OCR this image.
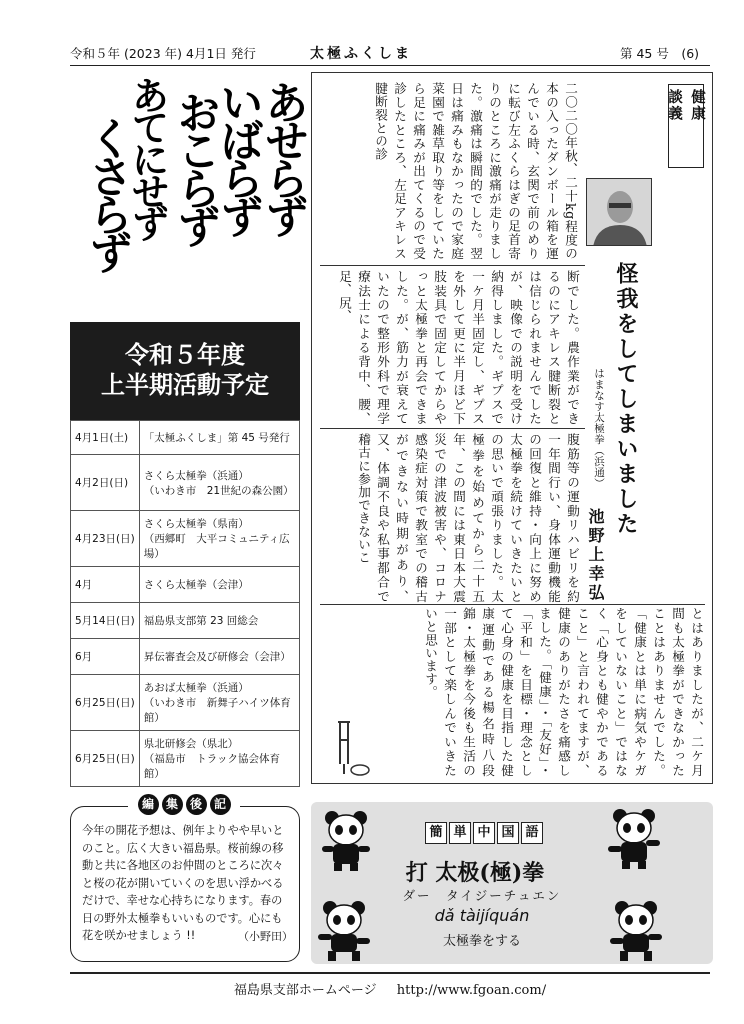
令和５年 (2023 年) 4月1日 発行	太極ふくしま	第 45 号　(6)
あせらず
いばらず
おこらず
あてにせず
くさらず
令和５年度
上半期活動予定
4月1日(土)	「太極ふくしま」第 45 号発行

4月2日(日)	さくら太極拳（浜通）
（いわき市　21世紀の森公園）

4月23日(日)	さくら太極拳（県南）
（西郷町　大平コミュニティ広場）

4月	さくら太極拳（会津）

5月14日(日)	福島県支部第 23 回総会

6月	昇伝審査会及び研修会（会津）

6月25日(日)	あおば太極拳（浜通）
（いわき市　新舞子ハイツ体育館）

6月25日(日)	県北研修会（県北）
（福島市　トラック協会体育館）
編 集 後 記
今年の開花予想は、例年よりやや早いとのこと。広く大きい福島県。桜前線の移動と共に各地区のお仲間のところに次々と桜の花が開いていくのを思い浮かべるだけで、幸せな心持ちになります。春の日の野外太極拳もいいものです。心にも花を咲かせましょう !!	（小野田）
健康
談義
怪我をしてしまいました
はまなす太極拳（浜通）
池野上幸弘
二〇二〇年秋、二十kg程度の本の入ったダンボール箱を運んでいる時、玄関で前のめりに転び左ふくらはぎの足首寄りのところに激痛が走りました。激痛は瞬間的でした。翌日は痛みもなかったので家庭菜園で雑草取り等をしていたら足に痛みが出てくるので受診したところ、左足アキレス腱断裂との診
断でした。農作業ができるのにアキレス腱断裂とは信じられませんでしたが、映像での説明を受け納得しました。ギプスで一ケ月半固定し、ギプスを外して更に半月ほど下肢装具で固定してからやっと太極拳と再会できました。が、筋力が衰えていたので整形外科で理学療法士による背中、腰、足、尻、
腹筋等の運動リハビリを約一年間行い、身体運動機能の回復と維持・向上に努め太極拳を続けていきたいとの思いで頑張りました。太極拳を始めてから二十五年、この間には東日本大震災での津波被害や、コロナ感染症対策で教室での稽古ができない時期があり、又、体調不良や私事都合で稽古に参加できないこ
とはありましたが、二ケ月間も太極拳ができなかったことはありませんでした。「健康とは単に病気やケガをしていないこと」ではなく「心身とも健やかであること」と言われてますが、健康のありがたさを痛感しました。「健康」・「友好」・「平和」を目標・理念として心身の健康を目指した健康運動である楊名時八段錦・太極拳を今後も生活の一部として楽しんでいきたいと思います。
簡 単 中 国 語
打 太极(極)拳
ダー　タイジーチュエン
dǎ tàijíquán
太極拳をする
福島県支部ホームページ http://www.fgoan.com/
